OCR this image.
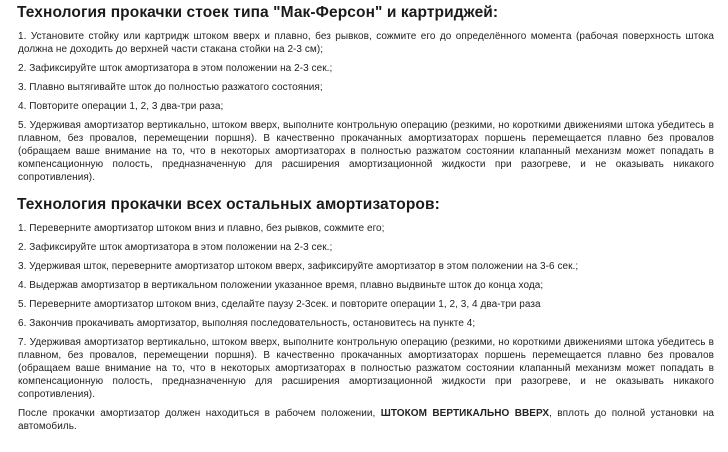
Технология прокачки стоек типа "Мак-Ферсон" и картриджей:

1. Установите стойку или картридж штоком вверх и плавно, без рывков, сожмите его до определённого момента (рабочая поверхность штока должна не доходить до верхней части стакана стойки на 2-3 см);

2. Зафиксируйте шток амортизатора в этом положении на 2-3 сек.;

3. Плавно вытягивайте шток до полностью разжатого состояния;

4. Повторите операции 1, 2, 3 два-три раза;

5. Удерживая амортизатор вертикально, штоком вверх, выполните контрольную операцию (резкими, но короткими движениями штока убедитесь в плавном, без провалов, перемещении поршня). В качественно прокачанных амортизаторах поршень перемещается плавно без провалов (обращаем ваше внимание на то, что в некоторых амортизаторах в полностью разжатом состоянии клапанный механизм может попадать в компенсационную полость, предназначенную для расширения амортизационной жидкости при разогреве, и не оказывать никакого сопротивления).

Технология прокачки всех остальных амортизаторов:

1. Переверните амортизатор штоком вниз и плавно, без рывков, сожмите его;

2. Зафиксируйте шток амортизатора в этом положении на 2-3 сек.;

3. Удерживая шток, переверните амортизатор штоком вверх, зафиксируйте амортизатор в этом положении на 3-6 сек.;

4. Выдержав амортизатор в вертикальном положении указанное время, плавно выдвиньте шток до конца хода;

5. Переверните амортизатор штоком вниз, сделайте паузу 2-3сек. и повторите операции 1, 2, 3, 4 два-три раза

6. Закончив прокачивать амортизатор, выполняя последовательность, остановитесь на пункте 4;

7. Удерживая амортизатор вертикально, штоком вверх, выполните контрольную операцию (резкими, но короткими движениями штока убедитесь в плавном, без провалов, перемещении поршня). В качественно прокачанных амортизаторах поршень перемещается плавно без провалов (обращаем ваше внимание на то, что в некоторых амортизаторах в полностью разжатом состоянии клапанный механизм может попадать в компенсационную полость, предназначенную для расширения амортизационной жидкости при разогреве, и не оказывать никакого сопротивления).

После прокачки амортизатор должен находиться в рабочем положении, ШТОКОМ ВЕРТИКАЛЬНО ВВЕРХ, вплоть до полной установки на автомобиль.
